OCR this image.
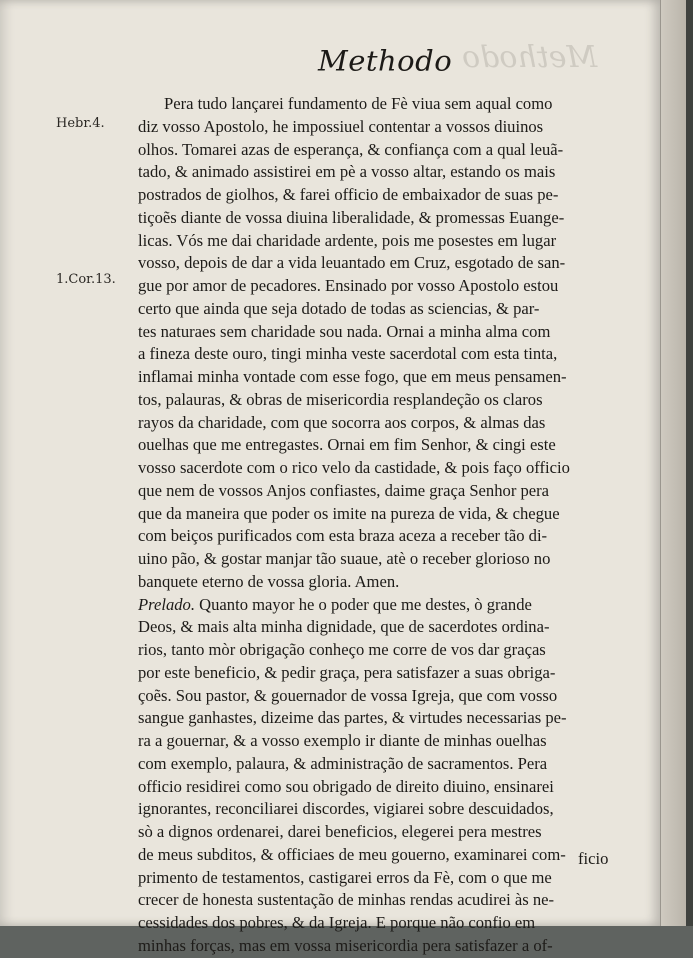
Methodo
Methodo
Hebr.4.
1.Cor.13.
Pera tudo lançarei fundamento de Fè viua sem aqual como
diz vosso Apostolo, he impossiuel contentar a vossos diuinos
olhos. Tomarei azas de esperança, & confiança com a qual leuã-
tado, & animado assistirei em pè a vosso altar, estando os mais
postrados de giolhos, & farei officio de embaixador de suas pe-
tiçoẽs diante de vossa diuina liberalidade, & promessas Euange-
licas. Vós me dai charidade ardente, pois me posestes em lugar
vosso, depois de dar a vida leuantado em Cruz, esgotado de san-
gue por amor de pecadores. Ensinado por vosso Apostolo estou
certo que ainda que seja dotado de todas as sciencias, & par-
tes naturaes sem charidade sou nada. Ornai a minha alma com
a fineza deste ouro, tingi minha veste sacerdotal com esta tinta,
inflamai minha vontade com esse fogo, que em meus pensamen-
tos, palauras, & obras de misericordia resplandeção os claros
rayos da charidade, com que socorra aos corpos, & almas das
ouelhas que me entregastes. Ornai em fim Senhor, & cingi este
vosso sacerdote com o rico velo da castidade, & pois faço officio
que nem de vossos Anjos confiastes, daime graça Senhor pera
que da maneira que poder os imite na pureza de vida, & chegue
com beiços purificados com esta braza aceza a receber tão di-
uino pão, & gostar manjar tão suaue, atè o receber glorioso no
banquete eterno de vossa gloria. Amen.
Prelado. Quanto mayor he o poder que me destes, ò grande
Deos, & mais alta minha dignidade, que de sacerdotes ordina-
rios, tanto mòr obrigação conheço me corre de vos dar graças
por este beneficio, & pedir graça, pera satisfazer a suas obriga-
çoẽs. Sou pastor, & gouernador de vossa Igreja, que com vosso
sangue ganhastes, dizeime das partes, & virtudes necessarias pe-
ra a gouernar, & a vosso exemplo ir diante de minhas ouelhas
com exemplo, palaura, & administração de sacramentos. Pera
officio residirei como sou obrigado de direito diuino, ensinarei
ignorantes, reconciliarei discordes, vigiarei sobre descuidados,
sò a dignos ordenarei, darei beneficios, elegerei pera mestres
de meus subditos, & officiaes de meu gouerno, examinarei com-
primento de testamentos, castigarei erros da Fè, com o que me
crecer de honesta sustentação de minhas rendas acudirei às ne-
cessidades dos pobres, & da Igreja. E porque não confio em
minhas forças, mas em vossa misericordia pera satisfazer a of-
ficio
